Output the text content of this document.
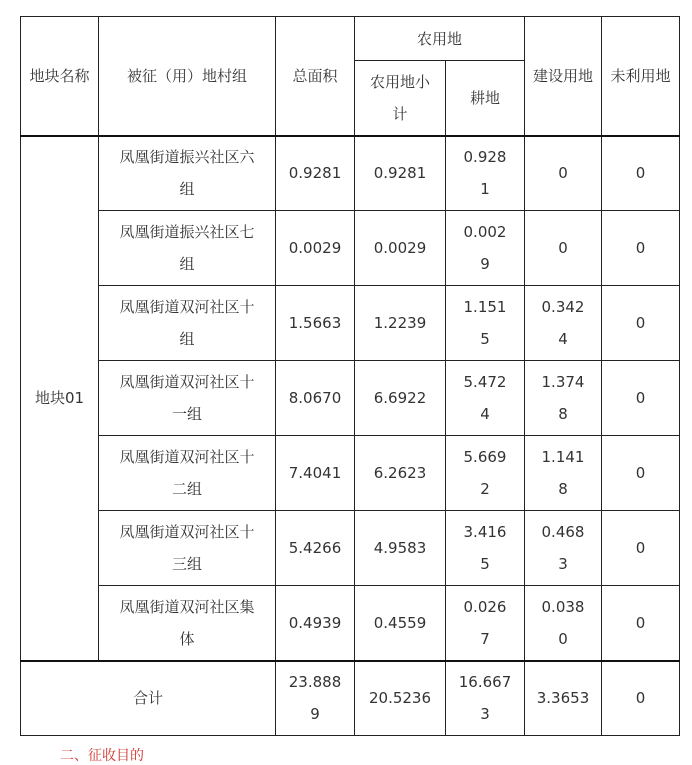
地块名称	被征（用）地村组	总面积	农用地		建设用地	未利用地
			农用地小计	耕地		
地块01	凤凰街道振兴社区六组	0.9281	0.9281	0.9281	0	0
	凤凰街道振兴社区七组	0.0029	0.0029	0.0029	0	0
	凤凰街道双河社区十组	1.5663	1.2239	1.1515	0.3424	0
	凤凰街道双河社区十一组	8.0670	6.6922	5.4724	1.3748	0
	凤凰街道双河社区十二组	7.4041	6.2623	5.6692	1.1418	0
	凤凰街道双河社区十三组	5.4266	4.9583	3.4165	0.4683	0
	凤凰街道双河社区集体	0.4939	0.4559	0.0267	0.0380	0
合计		23.8889	20.5236	16.6673	3.3653	0
二、征收目的
